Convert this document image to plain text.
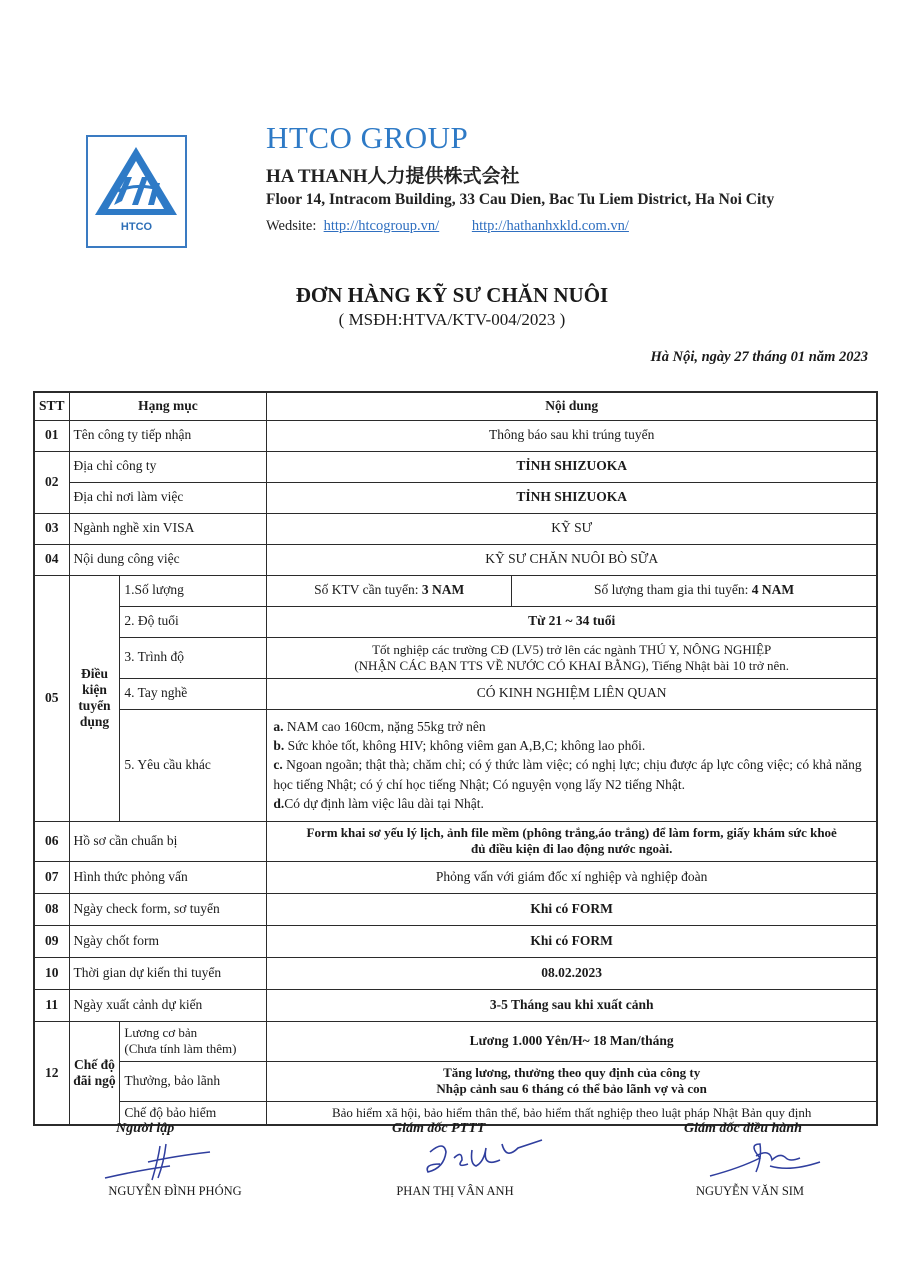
HTCO
HTCO GROUP
HA THANH人力提供株式会社
Floor 14, Intracom Building, 33 Cau Dien, Bac Tu Liem District, Ha Noi City
Wedsite: http://htcogroup.vn/ http://hathanhxkld.com.vn/
ĐƠN HÀNG KỸ SƯ CHĂN NUÔI
( MSĐH:HTVA/KTV-004/2023 )
Hà Nội, ngày 27 tháng 01 năm 2023
STT	Hạng mục		Nội dung	
01	Tên công ty tiếp nhận		Thông báo sau khi trúng tuyển	
02	Địa chỉ công ty		TỈNH SHIZUOKA	
	Địa chỉ nơi làm việc		TỈNH SHIZUOKA	
03	Ngành nghề xin VISA		KỸ SƯ	
04	Nội dung công việc		KỸ SƯ CHĂN NUÔI BÒ SỮA	
05	Điều kiện tuyển dụng	1.Số lượng	Số KTV cần tuyển: 3 NAM	Số lượng tham gia thi tuyển: 4 NAM
		2. Độ tuổi	Từ 21 ~ 34 tuổi	
		3. Trình độ	Tốt nghiệp các trường CĐ (LV5) trở lên các ngành THÚ Y, NÔNG NGHIỆP
(NHẬN CÁC BẠN TTS VỀ NƯỚC CÓ KHAI BẰNG), Tiếng Nhật bài 10 trở nên.	

		4. Tay nghề	CÓ KINH NGHIỆM LIÊN QUAN	
		5. Yêu cầu khác	a. NAM cao 160cm, nặng 55kg trở nên
b. Sức khỏe tốt, không HIV; không viêm gan A,B,C; không lao phổi.
c. Ngoan ngoãn; thật thà; chăm chỉ; có ý thức làm việc; có nghị lực; chịu được áp lực công việc; có khả năng học tiếng Nhật; có ý chí học tiếng Nhật; Có nguyện vọng lấy N2 tiếng Nhật.
d.Có dự định làm việc lâu dài tại Nhật.	

06	Hồ sơ cần chuẩn bị		Form khai sơ yếu lý lịch, ảnh file mềm (phông trắng,áo trắng) để làm form, giấy khám sức khoẻ
đủ điều kiện đi lao động nước ngoài.	

07	Hình thức phỏng vấn		Phỏng vấn với giám đốc xí nghiệp và nghiệp đoàn	
08	Ngày check form, sơ tuyển		Khi có FORM	
09	Ngày chốt form		Khi có FORM	
10	Thời gian dự kiến thi tuyển		08.02.2023	
11	Ngày xuất cảnh dự kiến		3-5 Tháng sau khi xuất cảnh	
12	Chế độ đãi ngộ	Lương cơ bản
(Chưa tính làm thêm)	Lương 1.000 Yên/H~ 18 Man/tháng	
		Thưởng, bảo lãnh	Tăng lương, thưởng theo quy định của công ty
Nhập cảnh sau 6 tháng có thể bảo lãnh vợ và con	

		Chế độ bảo hiểm	Bảo hiểm xã hội, bảo hiểm thân thể, bảo hiểm thất nghiệp theo luật pháp Nhật Bản quy định	
Người lập	Giám đốc PTTT	Giám đốc điều hành
NGUYỄN ĐÌNH PHÓNG	PHAN THỊ VÂN ANH	NGUYỄN VĂN SIM
